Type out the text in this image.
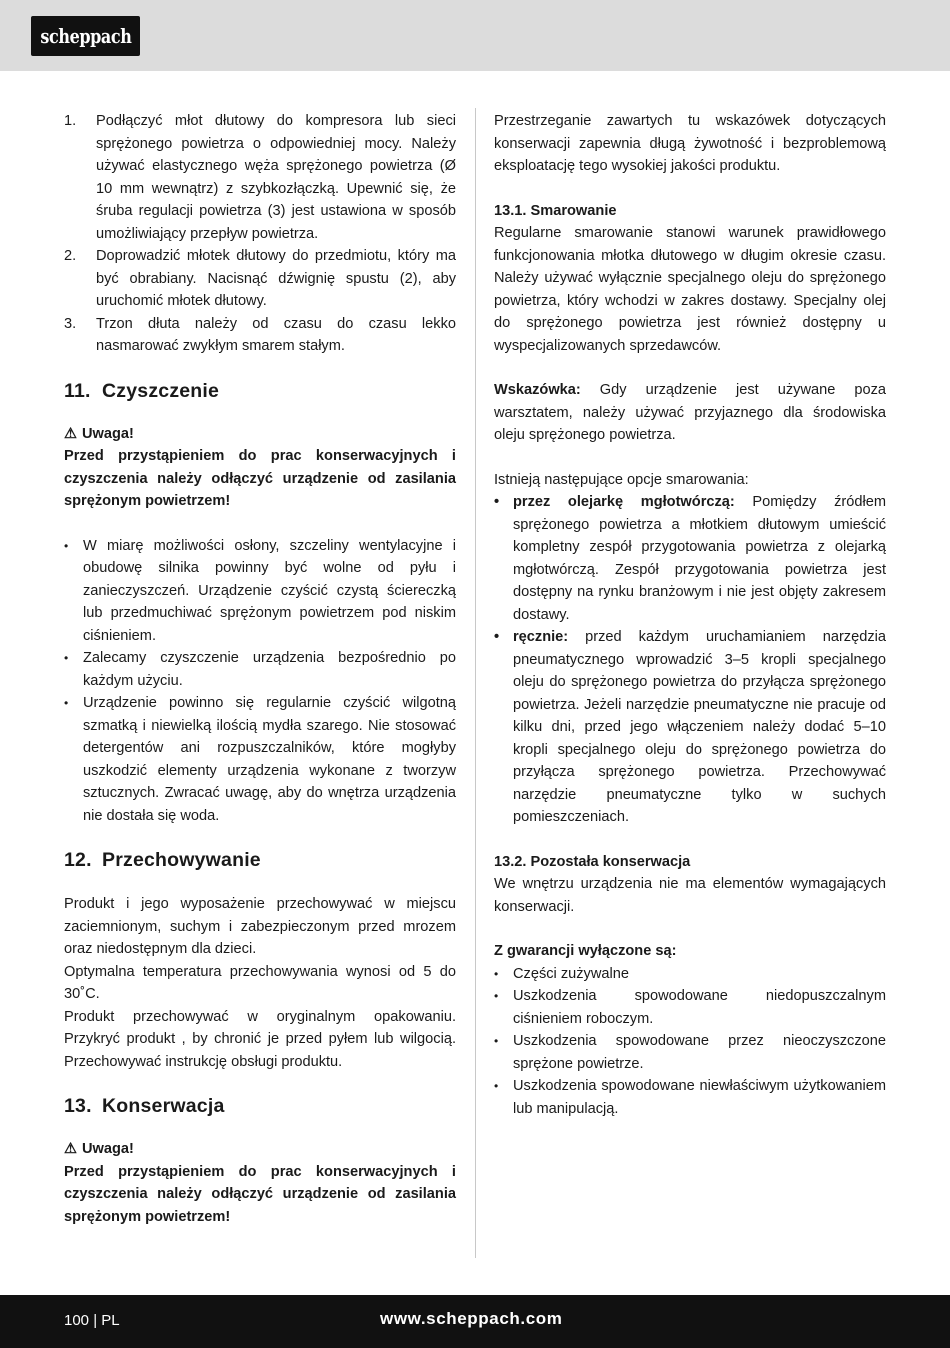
scheppach
1. Podłączyć młot dłutowy do kompresora lub sieci sprężonego powietrza o odpowiedniej mocy. Należy używać elastycznego węża sprężonego powietrza (Ø 10 mm wewnątrz) z szybkozłączką. Upewnić się, że śruba regulacji powietrza (3) jest ustawiona w sposób umożliwiający przepływ powietrza.
2. Doprowadzić młotek dłutowy do przedmiotu, który ma być obrabiany. Nacisnąć dźwignię spustu (2), aby uruchomić młotek dłutowy.
3. Trzon dłuta należy od czasu do czasu lekko nasmarować zwykłym smarem stałym.
11. Czyszczenie
⚠ Uwaga!

Przed przystąpieniem do prac konserwacyjnych i czyszczenia należy odłączyć urządzenie od zasilania sprężonym powietrzem!

• W miarę możliwości osłony, szczeliny wentylacyjne i obudowę silnika powinny być wolne od pyłu i zanieczyszczeń. Urządzenie czyścić czystą ściereczką lub przedmuchiwać sprężonym powietrzem pod niskim ciśnieniem.
• Zalecamy czyszczenie urządzenia bezpośrednio po każdym użyciu.
• Urządzenie powinno się regularnie czyścić wilgotną szmatką i niewielką ilością mydła szarego. Nie stosować detergentów ani rozpuszczalników, które mogłyby uszkodzić elementy urządzenia wykonane z tworzyw sztucznych. Zwracać uwagę, aby do wnętrza urządzenia nie dostała się woda.
12. Przechowywanie

Produkt i jego wyposażenie przechowywać w miejscu zaciemnionym, suchym i zabezpieczonym przed mrozem oraz niedostępnym dla dzieci.

Optymalna temperatura przechowywania wynosi od 5 do 30˚C.

Produkt przechowywać w oryginalnym opakowaniu. Przykryć produkt , by chronić je przed pyłem lub wilgocią. Przechowywać instrukcję obsługi produktu.

13. Konserwacja
⚠ Uwaga!

Przed przystąpieniem do prac konserwacyjnych i czyszczenia należy odłączyć urządzenie od zasilania sprężonym powietrzem!

Przestrzeganie zawartych tu wskazówek dotyczących konserwacji zapewnia długą żywotność i bezproblemową eksploatację tego wysokiej jakości produktu.

13.1. Smarowanie

Regularne smarowanie stanowi warunek prawidłowego funkcjonowania młotka dłutowego w długim okresie czasu. Należy używać wyłącznie specjalnego oleju do sprężonego powietrza, który wchodzi w zakres dostawy. Specjalny olej do sprężonego powietrza jest również dostępny u wyspecjalizowanych sprzedawców.

Wskazówka: Gdy urządzenie jest używane poza warsztatem, należy używać przyjaznego dla środowiska oleju sprężonego powietrza.

Istnieją następujące opcje smarowania:

• przez olejarkę mgłotwórczą: Pomiędzy źródłem sprężonego powietrza a młotkiem dłutowym umieścić kompletny zespół przygotowania powietrza z olejarką mgłotwórczą. Zespół przygotowania powietrza jest dostępny na rynku branżowym i nie jest objęty zakresem dostawy.
• ręcznie: przed każdym uruchamianiem narzędzia pneumatycznego wprowadzić 3–5 kropli specjalnego oleju do sprężonego powietrza do przyłącza sprężonego powietrza. Jeżeli narzędzie pneumatyczne nie pracuje od kilku dni, przed jego włączeniem należy dodać 5–10 kropli specjalnego oleju do sprężonego powietrza do przyłącza sprężonego powietrza. Przechowywać narzędzie pneumatyczne tylko w suchych pomieszczeniach.
13.2. Pozostała konserwacja

We wnętrzu urządzenia nie ma elementów wymagających konserwacji.

Z gwarancji wyłączone są:
• Części zużywalne
• Uszkodzenia spowodowane niedopuszczalnym ciśnieniem roboczym.
• Uszkodzenia spowodowane przez nieoczyszczone sprężone powietrze.
• Uszkodzenia spowodowane niewłaściwym użytkowaniem lub manipulacją.
100 | PL	www.scheppach.com
